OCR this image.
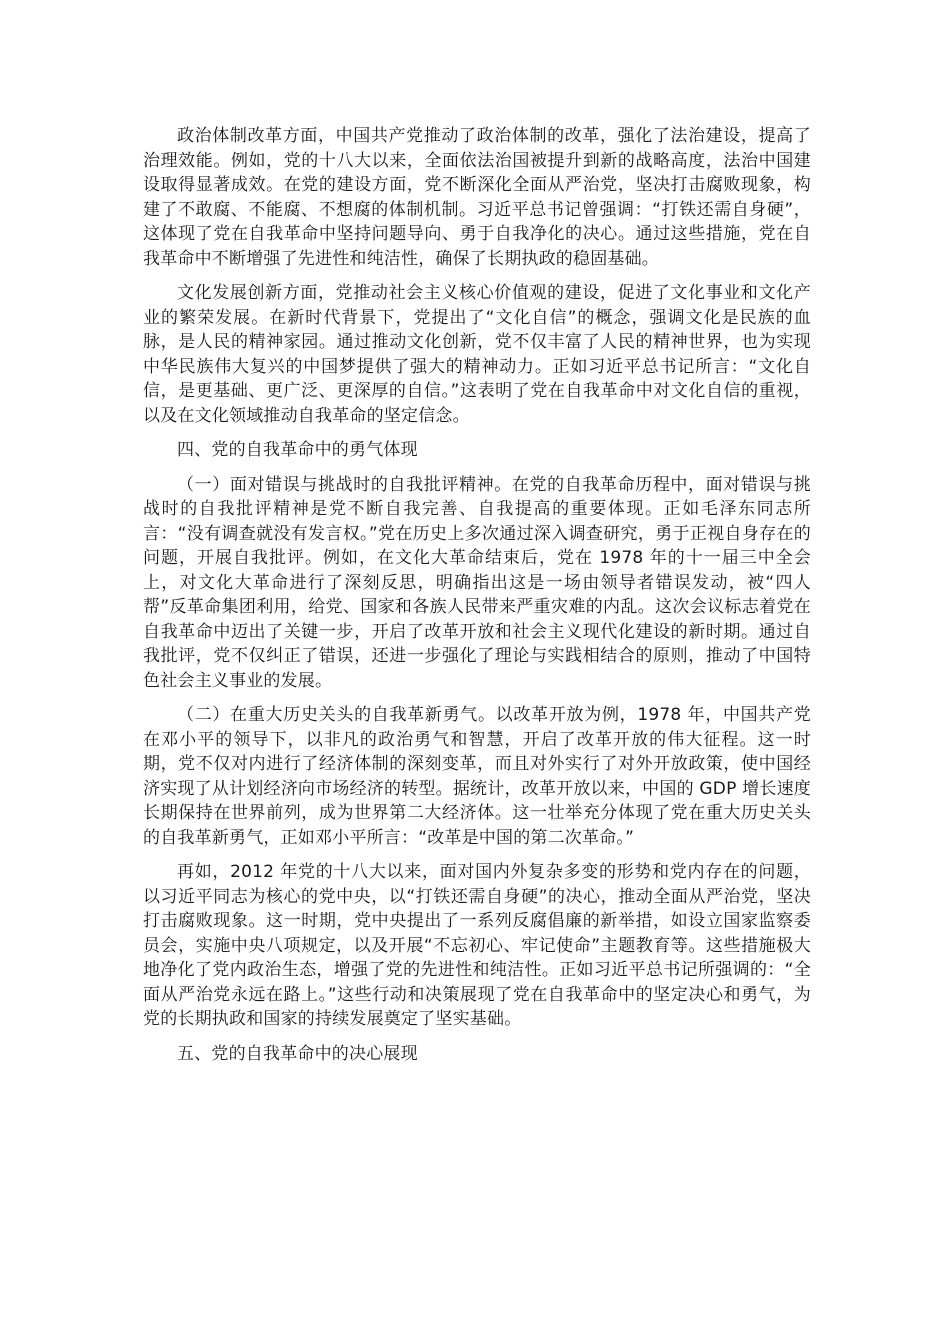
政治体制改革方面，中国共产党推动了政治体制的改革，强化了法治建设，提高了治理效能。例如，党的十八大以来，全面依法治国被提升到新的战略高度，法治中国建设取得显著成效。在党的建设方面，党不断深化全面从严治党，坚决打击腐败现象，构建了不敢腐、不能腐、不想腐的体制机制。习近平总书记曾强调：“打铁还需自身硬”，这体现了党在自我革命中坚持问题导向、勇于自我净化的决心。通过这些措施，党在自我革命中不断增强了先进性和纯洁性，确保了长期执政的稳固基础。

文化发展创新方面，党推动社会主义核心价值观的建设，促进了文化事业和文化产业的繁荣发展。在新时代背景下，党提出了“文化自信”的概念，强调文化是民族的血脉，是人民的精神家园。通过推动文化创新，党不仅丰富了人民的精神世界，也为实现中华民族伟大复兴的中国梦提供了强大的精神动力。正如习近平总书记所言：“文化自信，是更基础、更广泛、更深厚的自信。”这表明了党在自我革命中对文化自信的重视，以及在文化领域推动自我革命的坚定信念。

四、党的自我革命中的勇气体现

（一）面对错误与挑战时的自我批评精神。在党的自我革命历程中，面对错误与挑战时的自我批评精神是党不断自我完善、自我提高的重要体现。正如毛泽东同志所言：“没有调查就没有发言权。”党在历史上多次通过深入调查研究，勇于正视自身存在的问题，开展自我批评。例如，在文化大革命结束后，党在 1978 年的十一届三中全会上，对文化大革命进行了深刻反思，明确指出这是一场由领导者错误发动，被“四人帮”反革命集团利用，给党、国家和各族人民带来严重灾难的内乱。这次会议标志着党在自我革命中迈出了关键一步，开启了改革开放和社会主义现代化建设的新时期。通过自我批评，党不仅纠正了错误，还进一步强化了理论与实践相结合的原则，推动了中国特色社会主义事业的发展。

（二）在重大历史关头的自我革新勇气。以改革开放为例，1978 年，中国共产党在邓小平的领导下，以非凡的政治勇气和智慧，开启了改革开放的伟大征程。这一时期，党不仅对内进行了经济体制的深刻变革，而且对外实行了对外开放政策，使中国经济实现了从计划经济向市场经济的转型。据统计，改革开放以来，中国的 GDP 增长速度长期保持在世界前列，成为世界第二大经济体。这一壮举充分体现了党在重大历史关头的自我革新勇气，正如邓小平所言：“改革是中国的第二次革命。”

再如，2012 年党的十八大以来，面对国内外复杂多变的形势和党内存在的问题，以习近平同志为核心的党中央，以“打铁还需自身硬”的决心，推动全面从严治党，坚决打击腐败现象。这一时期，党中央提出了一系列反腐倡廉的新举措，如设立国家监察委员会，实施中央八项规定，以及开展“不忘初心、牢记使命”主题教育等。这些措施极大地净化了党内政治生态，增强了党的先进性和纯洁性。正如习近平总书记所强调的：“全面从严治党永远在路上。”这些行动和决策展现了党在自我革命中的坚定决心和勇气，为党的长期执政和国家的持续发展奠定了坚实基础。

五、党的自我革命中的决心展现
